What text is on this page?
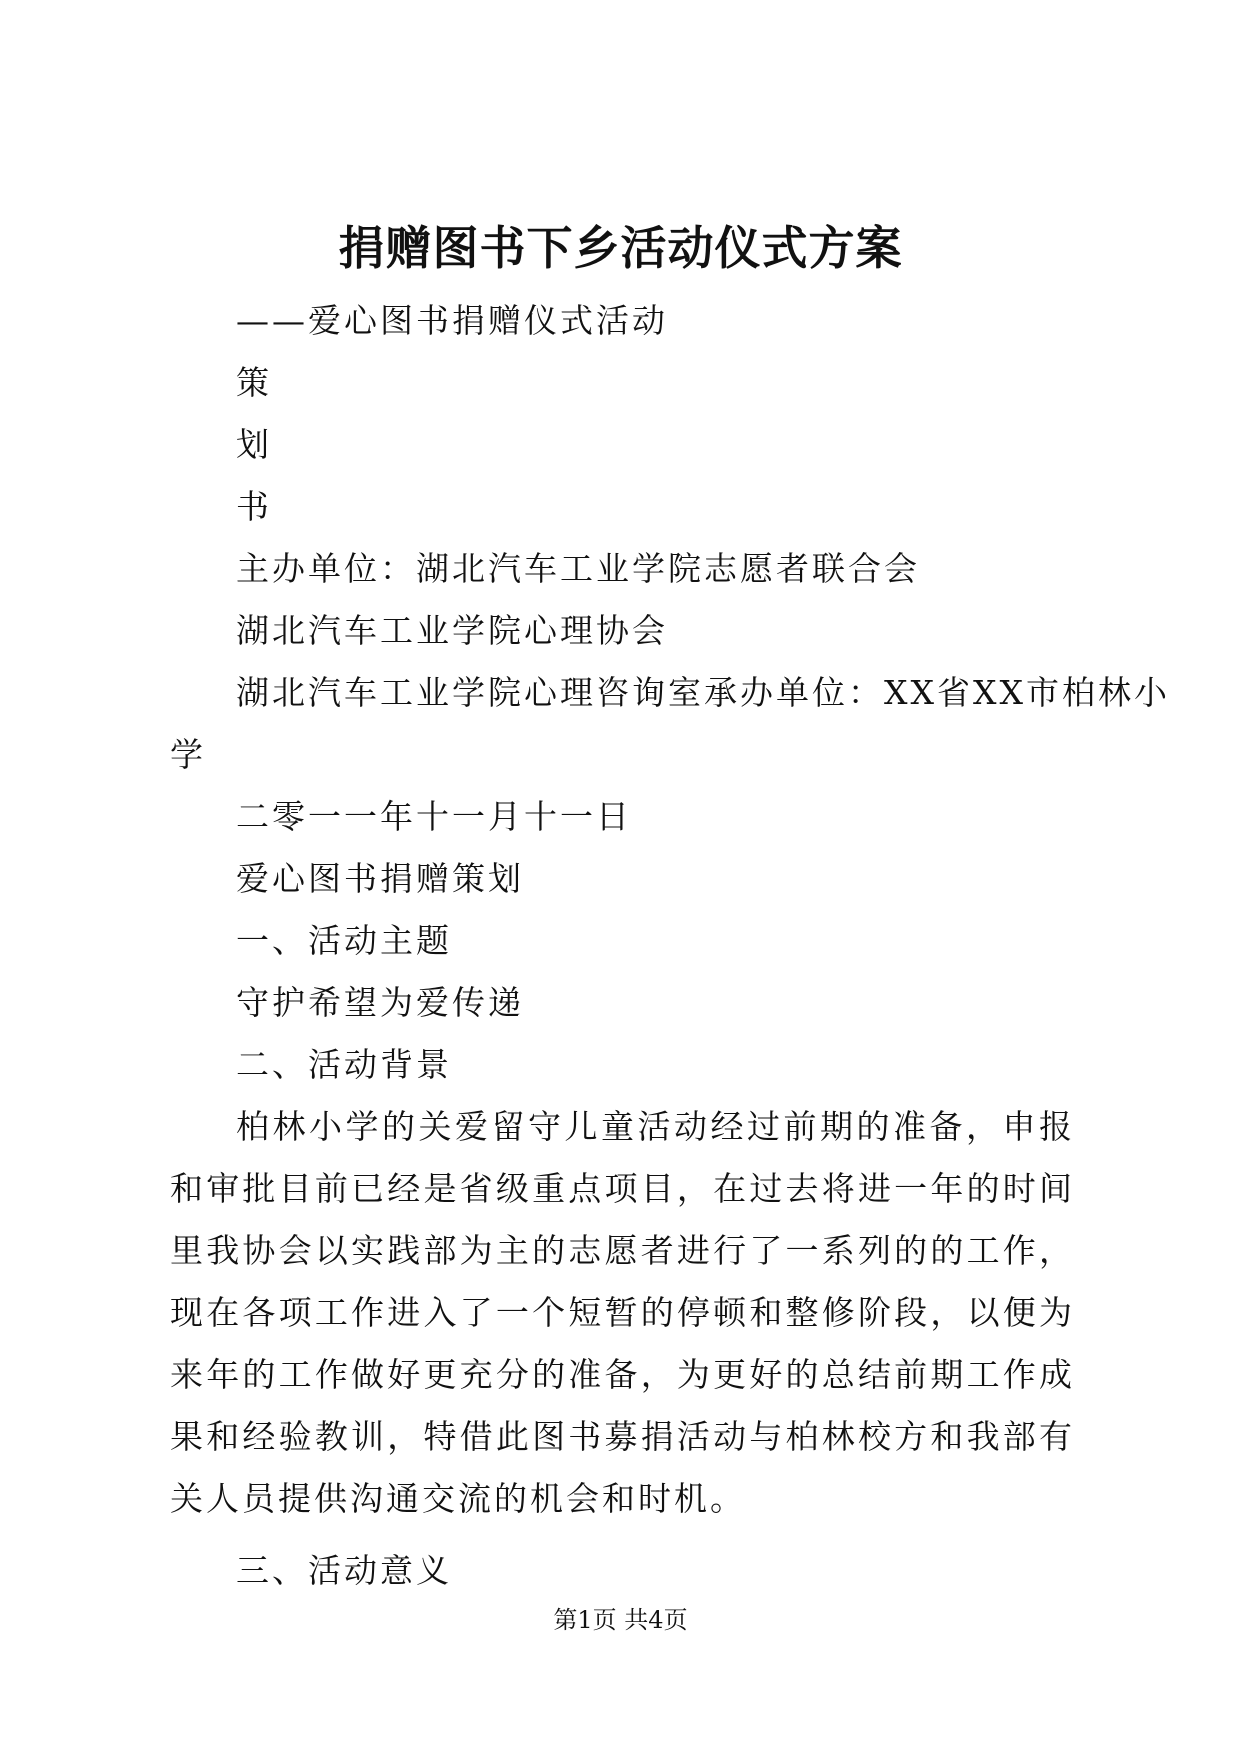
捐赠图书下乡活动仪式方案
——爱心图书捐赠仪式活动
策
划
书
主办单位：湖北汽车工业学院志愿者联合会
湖北汽车工业学院心理协会
湖北汽车工业学院心理咨询室承办单位：XX省XX市柏林小
学
二零一一年十一月十一日
爱心图书捐赠策划
一、活动主题
守护希望为爱传递
二、活动背景

柏林小学的关爱留守儿童活动经过前期的准备，申报和审批目前已经是省级重点项目，在过去将进一年的时间里我协会以实践部为主的志愿者进行了一系列的的工作，现在各项工作进入了一个短暂的停顿和整修阶段，以便为来年的工作做好更充分的准备，为更好的总结前期工作成果和经验教训，特借此图书募捐活动与柏林校方和我部有关人员提供沟通交流的机会和时机。

三、活动意义
第1页 共4页
